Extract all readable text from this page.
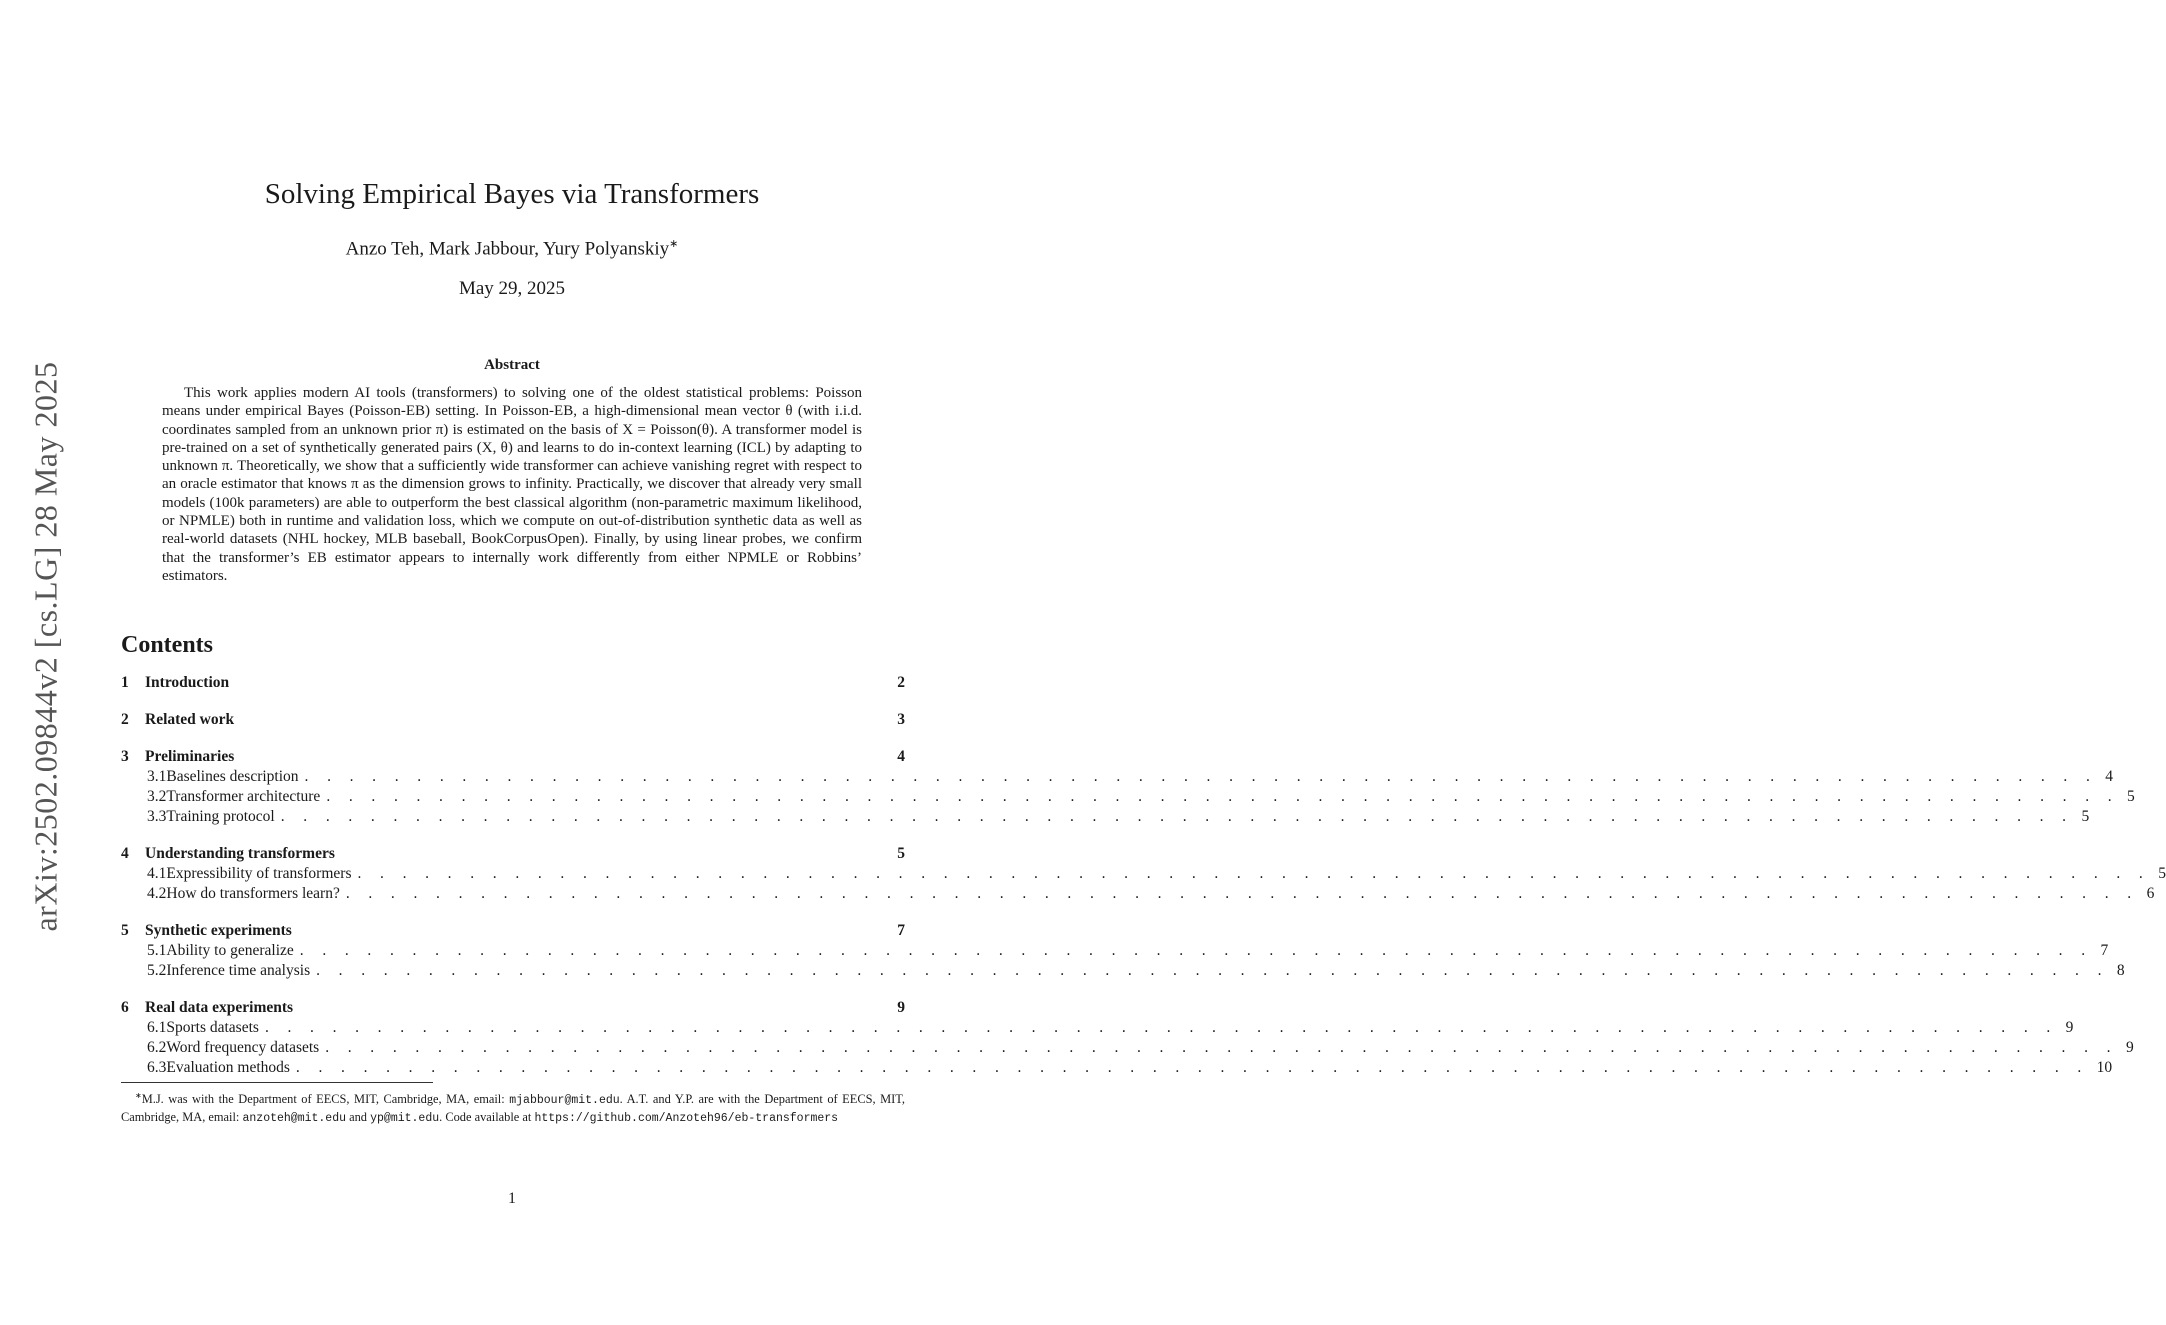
arXiv:2502.09844v2 [cs.LG] 28 May 2025
Solving Empirical Bayes via Transformers
Anzo Teh, Mark Jabbour, Yury Polyanskiy∗
May 29, 2025
Abstract
This work applies modern AI tools (transformers) to solving one of the oldest statistical problems: Poisson means under empirical Bayes (Poisson-EB) setting. In Poisson-EB, a high-dimensional mean vector θ (with i.i.d. coordinates sampled from an unknown prior π) is estimated on the basis of X = Poisson(θ). A transformer model is pre-trained on a set of synthetically generated pairs (X, θ) and learns to do in-context learning (ICL) by adapting to unknown π. Theoretically, we show that a sufficiently wide transformer can achieve vanishing regret with respect to an oracle estimator that knows π as the dimension grows to infinity. Practically, we discover that already very small models (100k parameters) are able to outperform the best classical algorithm (non-parametric maximum likelihood, or NPMLE) both in runtime and validation loss, which we compute on out-of-distribution synthetic data as well as real-world datasets (NHL hockey, MLB baseball, BookCorpusOpen). Finally, by using linear probes, we confirm that the transformer’s EB estimator appears to internally work differently from either NPMLE or Robbins’ estimators.
Contents
1	Introduction	2
2	Related work	3
3	Preliminaries	4
3.1 Baselines description . . . . . . . . . . . . . . . . . . . . . . . . . . . . . . . . . . . . . . . . . . . . . . . . . . . . . . . . . . . . . . . . . . . . . . . . . . . . . . . . 4
3.2 Transformer architecture . . . . . . . . . . . . . . . . . . . . . . . . . . . . . . . . . . . . . . . . . . . . . . . . . . . . . . . . . . . . . . . . . . . . . . . . . . . . . . . . 5
3.3 Training protocol . . . . . . . . . . . . . . . . . . . . . . . . . . . . . . . . . . . . . . . . . . . . . . . . . . . . . . . . . . . . . . . . . . . . . . . . . . . . . . . . 5
4	Understanding transformers	5
4.1 Expressibility of transformers . . . . . . . . . . . . . . . . . . . . . . . . . . . . . . . . . . . . . . . . . . . . . . . . . . . . . . . . . . . . . . . . . . . . . . . . . . . . . . . . 5
4.2 How do transformers learn? . . . . . . . . . . . . . . . . . . . . . . . . . . . . . . . . . . . . . . . . . . . . . . . . . . . . . . . . . . . . . . . . . . . . . . . . . . . . . . . . 6
5	Synthetic experiments	7
5.1 Ability to generalize . . . . . . . . . . . . . . . . . . . . . . . . . . . . . . . . . . . . . . . . . . . . . . . . . . . . . . . . . . . . . . . . . . . . . . . . . . . . . . . . 7
5.2 Inference time analysis . . . . . . . . . . . . . . . . . . . . . . . . . . . . . . . . . . . . . . . . . . . . . . . . . . . . . . . . . . . . . . . . . . . . . . . . . . . . . . . . 8
6	Real data experiments	9
6.1 Sports datasets . . . . . . . . . . . . . . . . . . . . . . . . . . . . . . . . . . . . . . . . . . . . . . . . . . . . . . . . . . . . . . . . . . . . . . . . . . . . . . . . 9
6.2 Word frequency datasets . . . . . . . . . . . . . . . . . . . . . . . . . . . . . . . . . . . . . . . . . . . . . . . . . . . . . . . . . . . . . . . . . . . . . . . . . . . . . . . . 9
6.3 Evaluation methods . . . . . . . . . . . . . . . . . . . . . . . . . . . . . . . . . . . . . . . . . . . . . . . . . . . . . . . . . . . . . . . . . . . . . . . . . . . . . . . . 10
∗M.J. was with the Department of EECS, MIT, Cambridge, MA, email: mjabbour@mit.edu. A.T. and Y.P. are with the Department of EECS, MIT, Cambridge, MA, email: anzoteh@mit.edu and yp@mit.edu. Code available at https://github.com/Anzoteh96/eb-transformers
1
